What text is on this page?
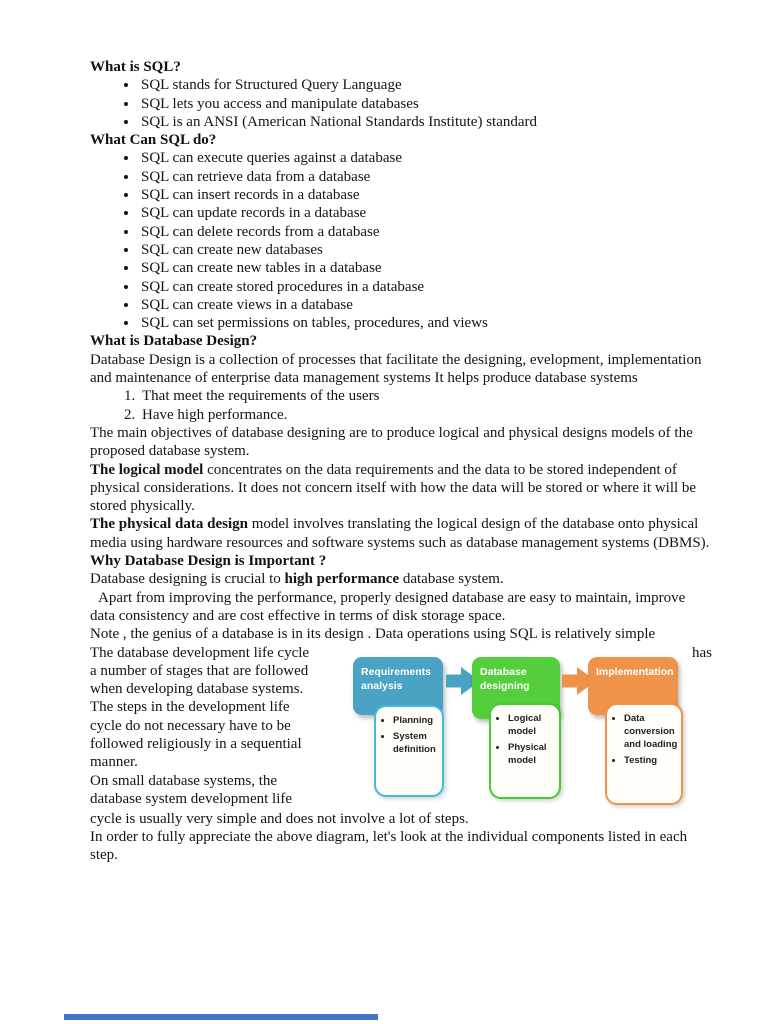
What is SQL?
• SQL stands for Structured Query Language
• SQL lets you access and manipulate databases
• SQL is an ANSI (American National Standards Institute) standard
What Can SQL do?
• SQL can execute queries against a database
• SQL can retrieve data from a database
• SQL can insert records in a database
• SQL can update records in a database
• SQL can delete records from a database
• SQL can create new databases
• SQL can create new tables in a database
• SQL can create stored procedures in a database
• SQL can create views in a database
• SQL can set permissions on tables, procedures, and views
What is Database Design?

Database Design is a collection of processes that facilitate the designing, evelopment, implementation and maintenance of enterprise data management systems It helps produce database systems

1. That meet the requirements of the users
2. Have high performance.

The main objectives of database designing are to produce logical and physical designs models of the proposed database system.

The logical model concentrates on the data requirements and the data to be stored independent of physical considerations. It does not concern itself with how the data will be stored or where it will be stored physically.

The physical data design model involves translating the logical design of the database onto physical media using hardware resources and software systems such as database management systems (DBMS).

Why Database Design is Important ?

Database designing is crucial to high performance database system.

Apart from improving the performance, properly designed database are easy to maintain, improve data consistency and are cost effective in terms of disk storage space.

Note , the genius of a database is in its design . Data operations using SQL is relatively simple

The database development life cycle	has
a number of stages that are followed
when developing database systems.
The steps in the development life
cycle do not necessary have to be
followed religiously in a sequential
manner.
On small database systems, the
database system development life
Requirements analysis
• Planning
• System definition
Database designing
• Logical model
• Physical model
Implementation
• Data conversion and loading
• Testing

cycle is usually very simple and does not involve a lot of steps.

In order to fully appreciate the above diagram, let's look at the individual components listed in each step.
